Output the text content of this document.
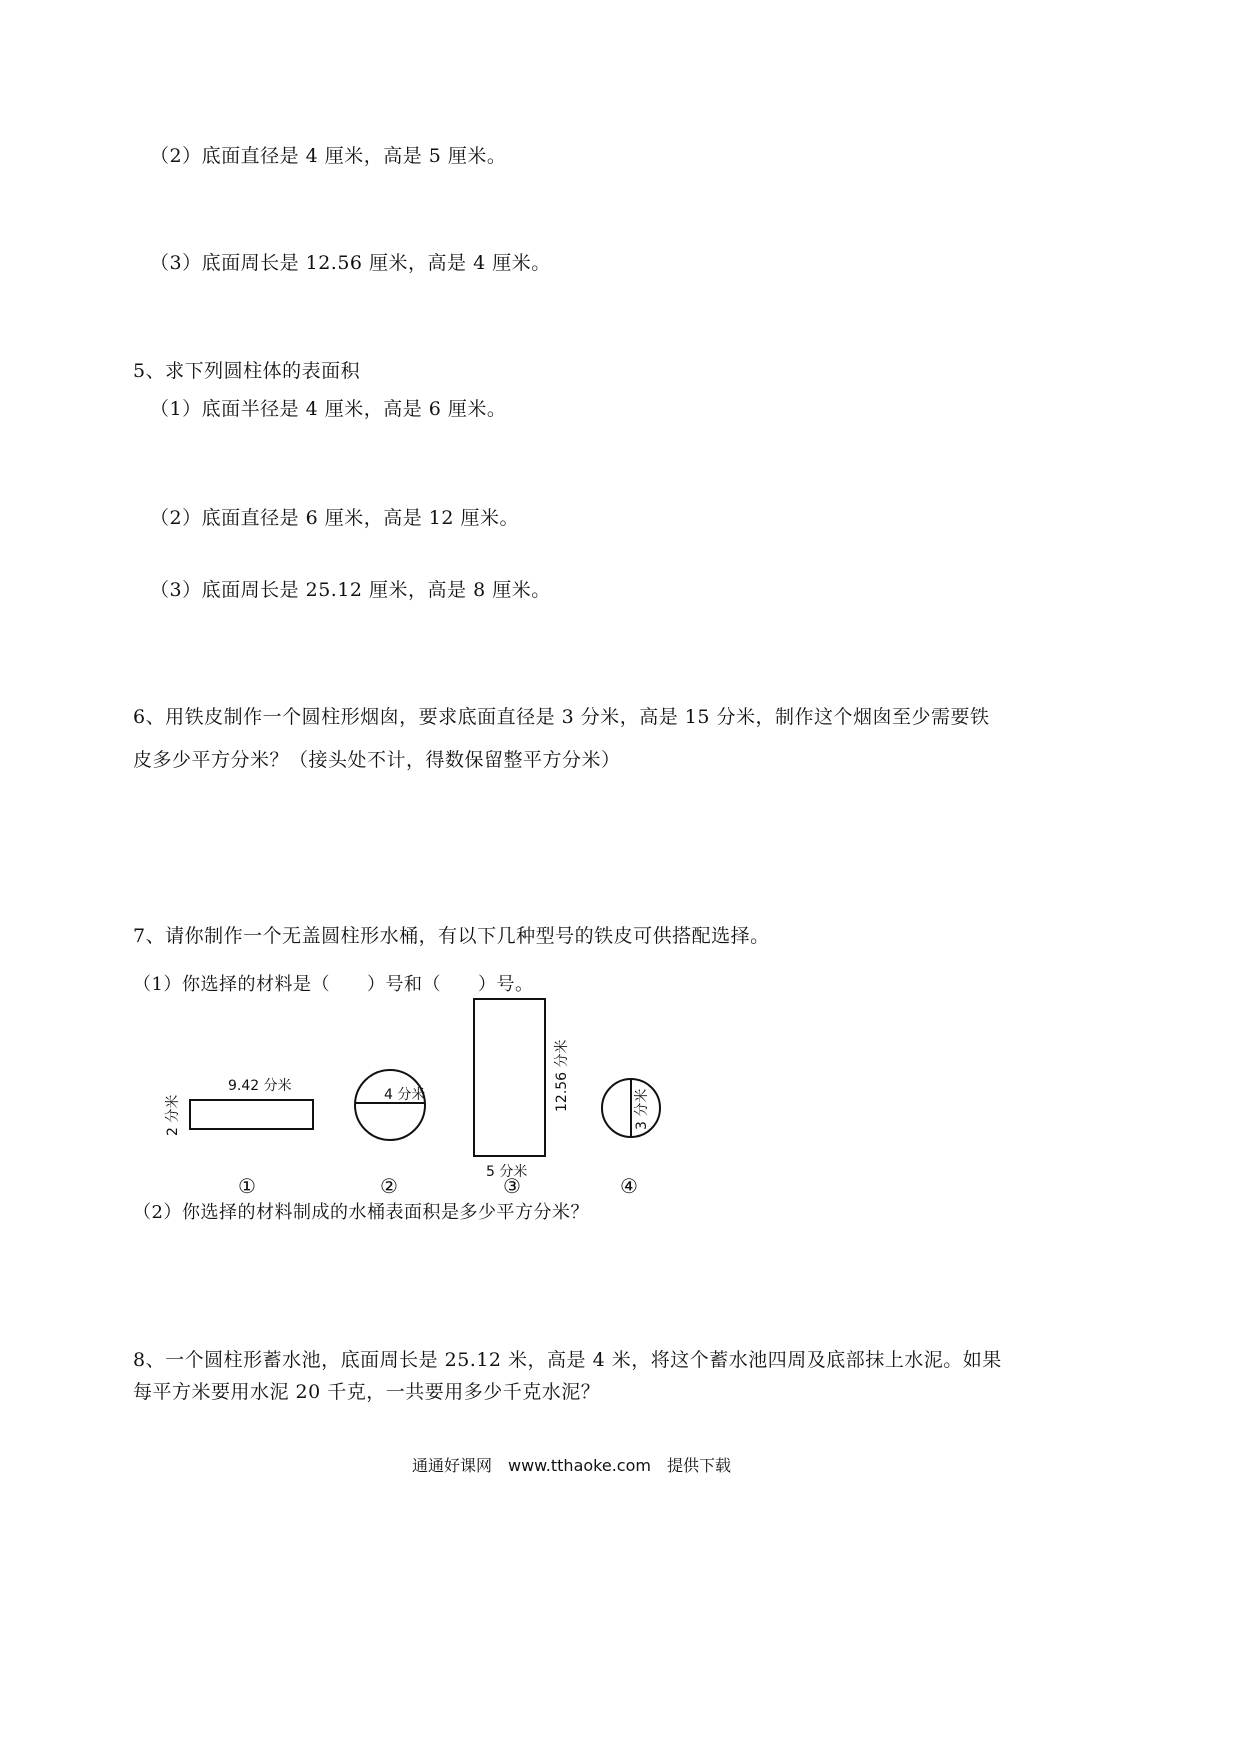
（2）底面直径是 4 厘米，高是 5 厘米。
（3）底面周长是 12.56 厘米，高是 4 厘米。
5、求下列圆柱体的表面积
（1）底面半径是 4 厘米，高是 6 厘米。
（2）底面直径是 6 厘米，高是 12 厘米。
（3）底面周长是 25.12 厘米，高是 8 厘米。
6、用铁皮制作一个圆柱形烟囱，要求底面直径是 3 分米，高是 15 分米，制作这个烟囱至少需要铁
皮多少平方分米？（接头处不计，得数保留整平方分米）
7、请你制作一个无盖圆柱形水桶，有以下几种型号的铁皮可供搭配选择。
（1）你选择的材料是（　　）号和（　　）号。
9.42 分米
2 分米	4 分米	12.56 分米
5 分米
3 分米
①	②	③	④
（2）你选择的材料制成的水桶表面积是多少平方分米？
8、一个圆柱形蓄水池，底面周长是 25.12 米，高是 4 米，将这个蓄水池四周及底部抹上水泥。如果
每平方米要用水泥 20 千克，一共要用多少千克水泥？
通通好课网　www.tthaoke.com　提供下载
